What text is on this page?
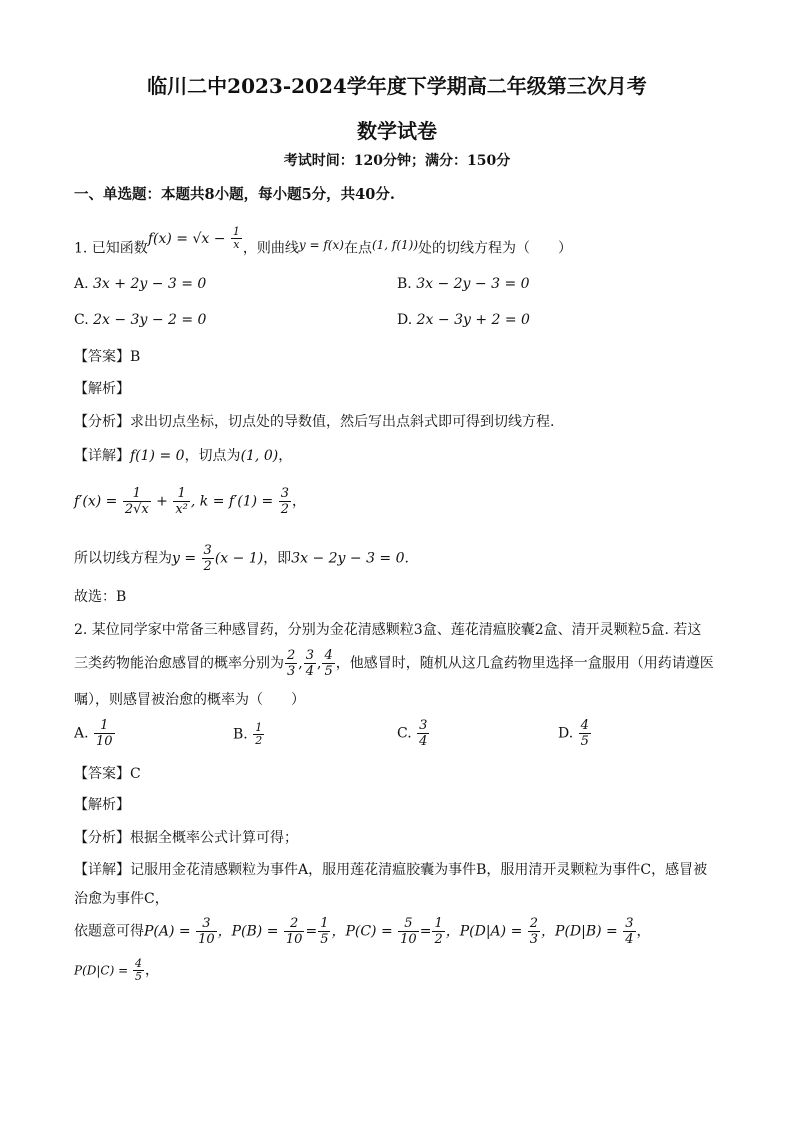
临川二中2023-2024学年度下学期高二年级第三次月考
数学试卷
考试时间：120分钟；满分：150分
一、单选题：本题共8小题，每小题5分，共40分.
1. 已知函数$f(x) = √x - \frac{1}{x}$ ，则曲线y = f(x)在点(1, f(1))处的切线方程为（　　）
A. 3x + 2y − 3 = 0	B. 3x − 2y − 3 = 0
C. 2x − 3y − 2 = 0	D. 2x − 3y + 2 = 0
【答案】B
【解析】
【分析】求出切点坐标，切点处的导数值，然后写出点斜式即可得到切线方程.
【详解】f(1) = 0，切点为(1, 0)，
$f'(x) = \frac{1}{2√x} + \frac{1}{\text{x²}}$ , $k = f'(1) = \frac{3}{2}$ ，
所以切线方程为$y = \frac{3}{2} (x - 1)$，即3x − 2y − 3 = 0.
故选：B
2. 某位同学家中常备三种感冒药，分别为金花清感颗粒3盒、莲花清瘟胶囊2盒、清开灵颗粒5盒. 若这
三类药物能治愈感冒的概率分别为 $\frac{2}{3}$ , $\frac{3}{4}$ , $\frac{4}{5}$ ，他感冒时，随机从这几盒药物里选择一盒服用（用药请遵医
嘱），则感冒被治愈的概率为（　　）
A. $\frac{1}{10}$	B. $\frac{1}{2}$	C. $\frac{3}{4}$	D. $\frac{4}{5}$
【答案】C
【解析】
【分析】根据全概率公式计算可得；
【详解】记服用金花清感颗粒为事件A，服用莲花清瘟胶囊为事件B，服用清开灵颗粒为事件C，感冒被
治愈为事件C，
依题意可得$P(A) = \frac{3}{10}$ ，$P(B) = \frac{2}{10} = \frac{1}{5}$ ，$P(C) = \frac{5}{10} = \frac{1}{2}$ ，$P(D|A) = \frac{2}{3}$ ，$P(D|B) = \frac{3}{4}$ ，
$P(D|C) = \frac{4}{5}$ ，
